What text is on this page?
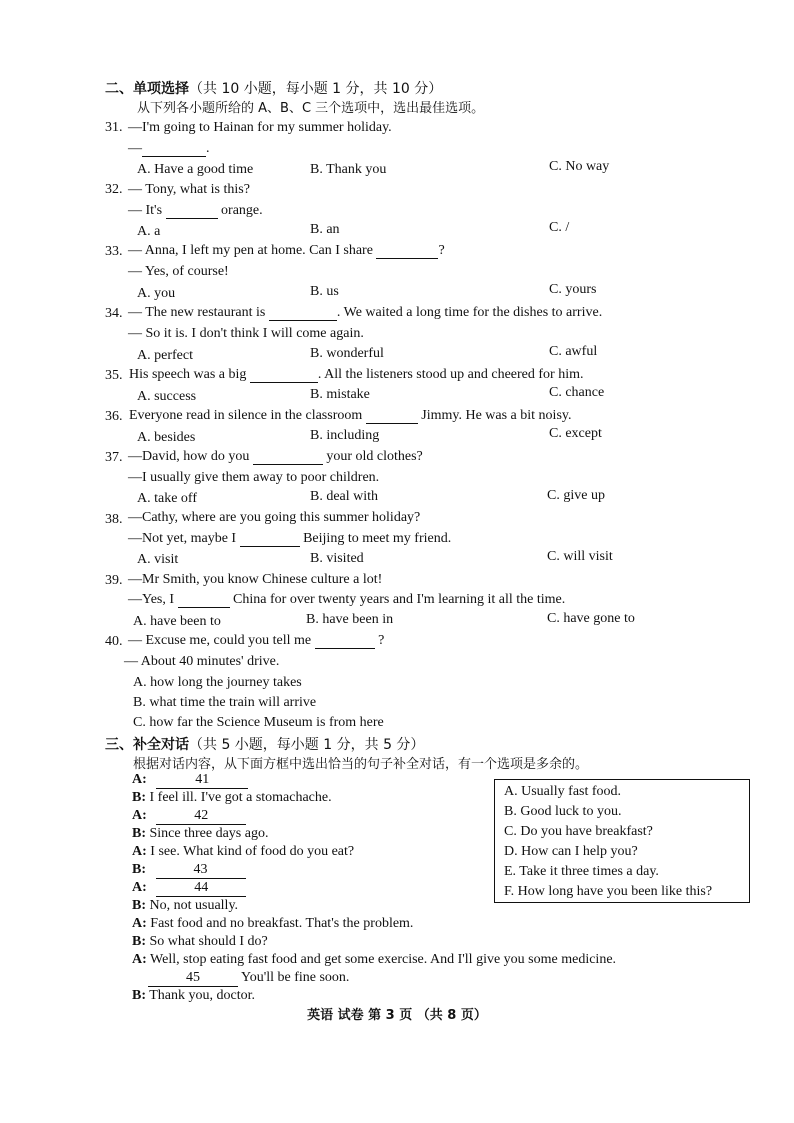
二、单项选择（共 10 小题，每小题 1 分，共 10 分）
从下列各小题所给的 A、B、C 三个选项中，选出最佳选项。
31. —I'm going to Hainan for my summer holiday.
—	.
A. Have a good time	B. Thank you	C. No way
32. — Tony, what is this?
— It's	orange.
A. a	B. an	C. /
33. — Anna, I left my pen at home. Can I share	?
— Yes, of course!
A. you	B. us	C. yours
34. — The new restaurant is	. We waited a long time for the dishes to arrive.
— So it is. I don't think I will come again.
A. perfect	B. wonderful	C. awful
35. His speech was a big	. All the listeners stood up and cheered for him.
A. success	B. mistake	C. chance
36. Everyone read in silence in the classroom	Jimmy. He was a bit noisy.
A. besides	B. including	C. except
37. —David, how do you	your old clothes?
—I usually give them away to poor children.
A. take off	B. deal with	C. give up
38. —Cathy, where are you going this summer holiday?
—Not yet, maybe I	Beijing to meet my friend.
A. visit	B. visited	C. will visit
39. —Mr Smith, you know Chinese culture a lot!
—Yes, I	China for over twenty years and I'm learning it all the time.
A. have been to	B. have been in	C. have gone to
40. — Excuse me, could you tell me	?
— About 40 minutes' drive.
A. how long the journey takes
B. what time the train will arrive
C. how far the Science Museum is from here
三、补全对话（共 5 小题，每小题 1 分，共 5 分）
根据对话内容，从下面方框中选出恰当的句子补全对话，有一个选项是多余的。
A. Usually fast food.
B. Good luck to you.
C. Do you have breakfast?
D. How can I help you?
E. Take it three times a day.
F. How long have you been like this?
A:	41
B: I feel ill. I've got a stomachache.
A:	42
B: Since three days ago.
A: I see. What kind of food do you eat?
B:	43
A:	44
B: No, not usually.
A: Fast food and no breakfast. That's the problem.
B: So what should I do?
A: Well, stop eating fast food and get some exercise. And I'll give you some medicine.
45	You'll be fine soon.
B: Thank you, doctor.
英语 试卷 第 3 页 （共 8 页）
